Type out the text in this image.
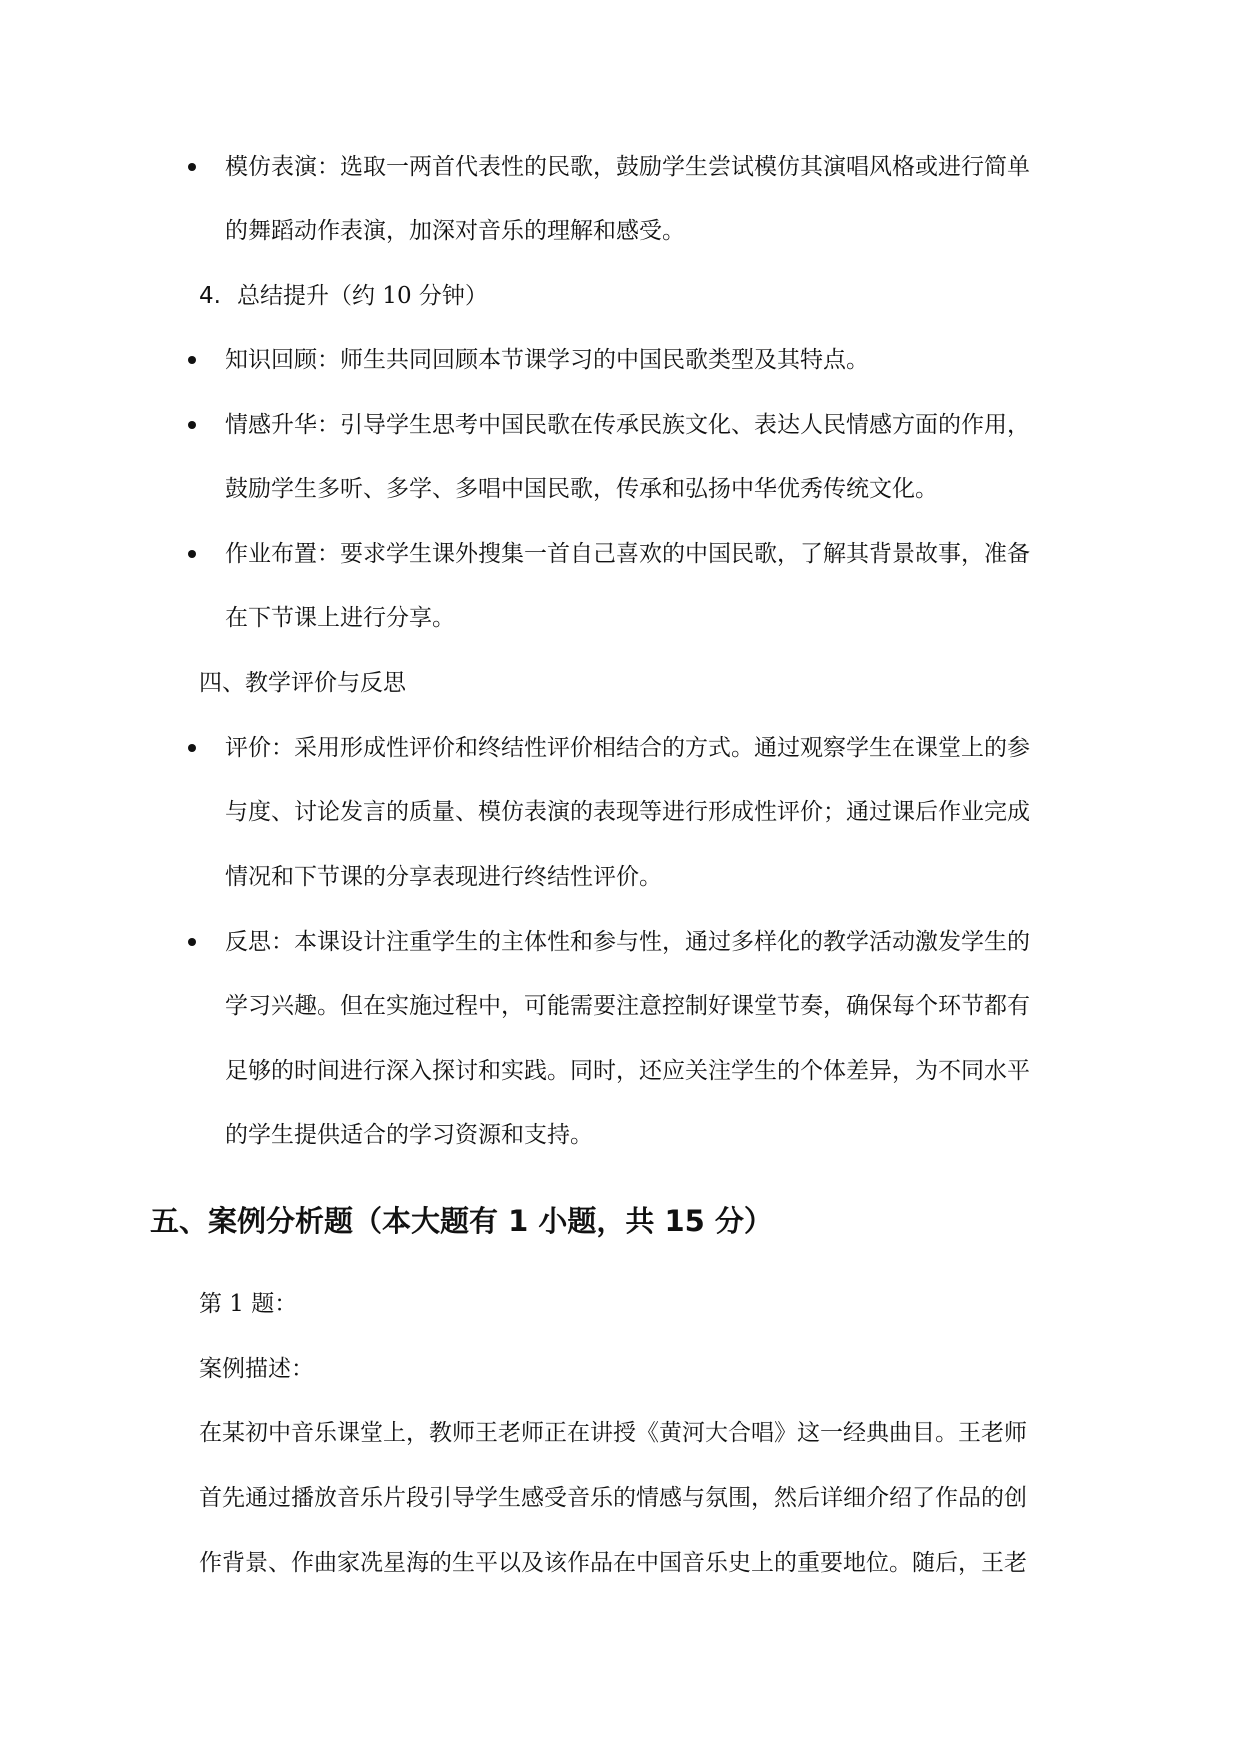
模仿表演：选取一两首代表性的民歌，鼓励学生尝试模仿其演唱风格或进行简单
的舞蹈动作表演，加深对音乐的理解和感受。
4. 总结提升（约 10 分钟）
知识回顾：师生共同回顾本节课学习的中国民歌类型及其特点。
情感升华：引导学生思考中国民歌在传承民族文化、表达人民情感方面的作用，
鼓励学生多听、多学、多唱中国民歌，传承和弘扬中华优秀传统文化。
作业布置：要求学生课外搜集一首自己喜欢的中国民歌，了解其背景故事，准备
在下节课上进行分享。
四、教学评价与反思
评价：采用形成性评价和终结性评价相结合的方式。通过观察学生在课堂上的参
与度、讨论发言的质量、模仿表演的表现等进行形成性评价；通过课后作业完成
情况和下节课的分享表现进行终结性评价。
反思：本课设计注重学生的主体性和参与性，通过多样化的教学活动激发学生的
学习兴趣。但在实施过程中，可能需要注意控制好课堂节奏，确保每个环节都有
足够的时间进行深入探讨和实践。同时，还应关注学生的个体差异，为不同水平
的学生提供适合的学习资源和支持。
五、案例分析题（本大题有 1 小题，共 15 分）
第 1 题：
案例描述：
在某初中音乐课堂上，教师王老师正在讲授《黄河大合唱》这一经典曲目。王老师
首先通过播放音乐片段引导学生感受音乐的情感与氛围，然后详细介绍了作品的创
作背景、作曲家冼星海的生平以及该作品在中国音乐史上的重要地位。随后，王老
